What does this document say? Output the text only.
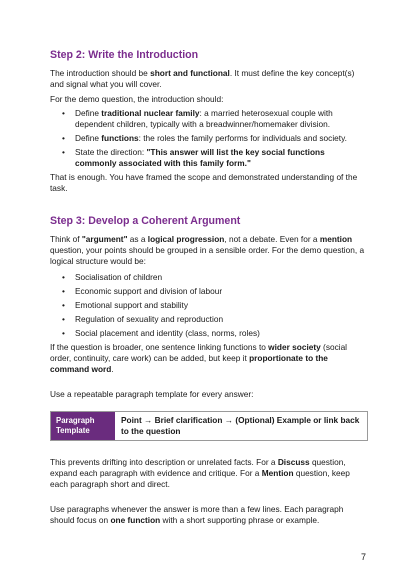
Step 2: Write the Introduction

The introduction should be short and functional. It must define the key concept(s) and signal what you will cover.

For the demo question, the introduction should:

• Define traditional nuclear family: a married heterosexual couple with dependent children, typically with a breadwinner/homemaker division.
• Define functions: the roles the family performs for individuals and society.
• State the direction: "This answer will list the key social functions commonly associated with this family form."

That is enough. You have framed the scope and demonstrated understanding of the task.

Step 3: Develop a Coherent Argument

Think of "argument" as a logical progression, not a debate. Even for a mention question, your points should be grouped in a sensible order. For the demo question, a logical structure would be:

• Socialisation of children
• Economic support and division of labour
• Emotional support and stability
• Regulation of sexuality and reproduction
• Social placement and identity (class, norms, roles)

If the question is broader, one sentence linking functions to wider society (social order, continuity, care work) can be added, but keep it proportionate to the command word.

Use a repeatable paragraph template for every answer:

Paragraph Template
Point → Brief clarification → (Optional) Example or link back to the question

This prevents drifting into description or unrelated facts. For a Discuss question, expand each paragraph with evidence and critique. For a Mention question, keep each paragraph short and direct.

Use paragraphs whenever the answer is more than a few lines. Each paragraph should focus on one function with a short supporting phrase or example.

7
